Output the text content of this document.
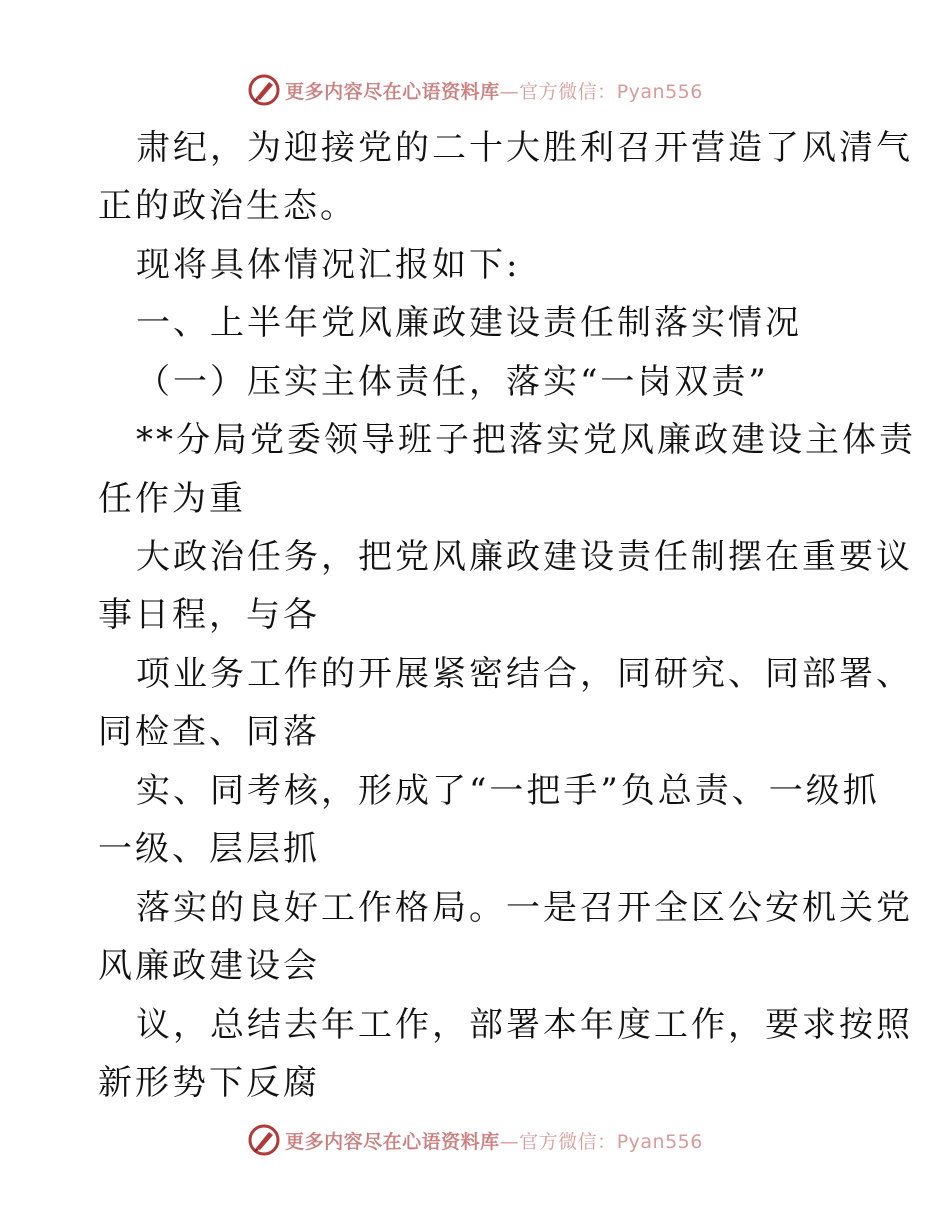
更多内容尽在心语资料库—官方微信：Pyan556
肃纪，为迎接党的二十大胜利召开营造了风清气
正的政治生态。
现将具体情况汇报如下:
一、上半年党风廉政建设责任制落实情况
（一）压实主体责任，落实“一岗双责”
**分局党委领导班子把落实党风廉政建设主体责
任作为重
大政治任务，把党风廉政建设责任制摆在重要议
事日程，与各
项业务工作的开展紧密结合，同研究、同部署、
同检查、同落
实、同考核，形成了“一把手”负总责、一级抓
一级、层层抓
落实的良好工作格局。一是召开全区公安机关党
风廉政建设会
议，总结去年工作，部署本年度工作，要求按照
新形势下反腐
更多内容尽在心语资料库—官方微信：Pyan556
